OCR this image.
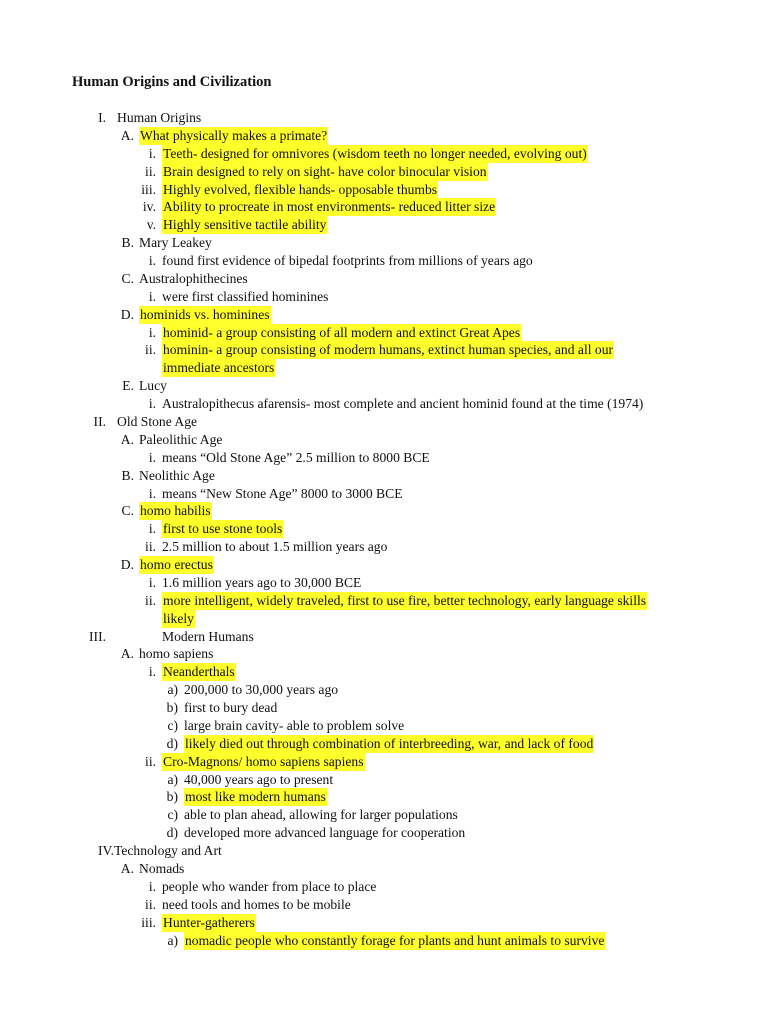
Human Origins and Civilization
I. Human Origins
A. What physically makes a primate?
i. Teeth- designed for omnivores (wisdom teeth no longer needed, evolving out)
ii. Brain designed to rely on sight- have color binocular vision
iii. Highly evolved, flexible hands- opposable thumbs
iv. Ability to procreate in most environments- reduced litter size
v. Highly sensitive tactile ability
B. Mary Leakey
i. found first evidence of bipedal footprints from millions of years ago
C. Australophithecines
i. were first classified hominines
D. hominids vs. hominines
i. hominid- a group consisting of all modern and extinct Great Apes
ii. hominin- a group consisting of modern humans, extinct human species, and all our
immediate ancestors
E. Lucy
i. Australopithecus afarensis- most complete and ancient hominid found at the time (1974)
II. Old Stone Age
A. Paleolithic Age
i. means “Old Stone Age” 2.5 million to 8000 BCE
B. Neolithic Age
i. means “New Stone Age” 8000 to 3000 BCE
C. homo habilis
i. first to use stone tools
ii. 2.5 million to about 1.5 million years ago
D. homo erectus
i. 1.6 million years ago to 30,000 BCE
ii. more intelligent, widely traveled, first to use fire, better technology, early language skills
likely
III.	Modern Humans
A. homo sapiens
i. Neanderthals
a) 200,000 to 30,000 years ago
b) first to bury dead
c) large brain cavity- able to problem solve
d) likely died out through combination of interbreeding, war, and lack of food
ii. Cro-Magnons/ homo sapiens sapiens
a) 40,000 years ago to present
b) most like modern humans
c) able to plan ahead, allowing for larger populations
d) developed more advanced language for cooperation
IV. Technology and Art
A. Nomads
i. people who wander from place to place
ii. need tools and homes to be mobile
iii. Hunter-gatherers
a) nomadic people who constantly forage for plants and hunt animals to survive
